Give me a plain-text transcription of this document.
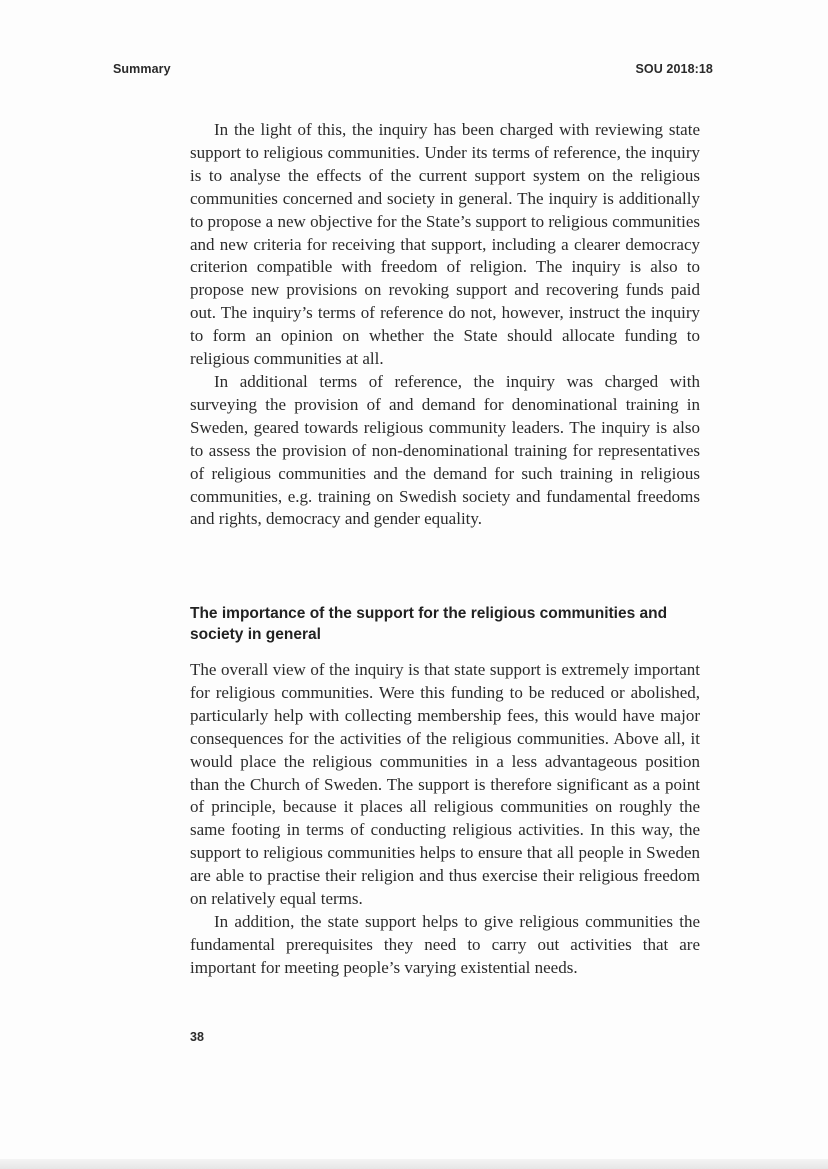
Summary	SOU 2018:18

In the light of this, the inquiry has been charged with reviewing state support to religious communities. Under its terms of reference, the inquiry is to analyse the effects of the current support system on the religious communities concerned and society in general. The inquiry is additionally to propose a new objective for the State’s support to religious communities and new criteria for receiving that support, including a clearer democracy criterion compatible with freedom of religion. The inquiry is also to propose new provisions on revoking support and recovering funds paid out. The inquiry’s terms of reference do not, however, instruct the inquiry to form an opinion on whether the State should allocate funding to religious communities at all.

In additional terms of reference, the inquiry was charged with surveying the provision of and demand for denominational training in Sweden, geared towards religious community leaders. The inquiry is also to assess the provision of non-denominational training for representatives of religious communities and the demand for such training in religious communities, e.g. training on Swedish society and fundamental freedoms and rights, democracy and gender equality.

The importance of the support for the religious communities and society in general

The overall view of the inquiry is that state support is extremely important for religious communities. Were this funding to be reduced or abolished, particularly help with collecting membership fees, this would have major consequences for the activities of the religious communities. Above all, it would place the religious communities in a less advantageous position than the Church of Sweden. The support is therefore significant as a point of principle, because it places all religious communities on roughly the same footing in terms of conducting religious activities. In this way, the support to religious communities helps to ensure that all people in Sweden are able to practise their religion and thus exercise their religious freedom on relatively equal terms.

In addition, the state support helps to give religious communities the fundamental prerequisites they need to carry out activities that are important for meeting people’s varying existential needs.

38
